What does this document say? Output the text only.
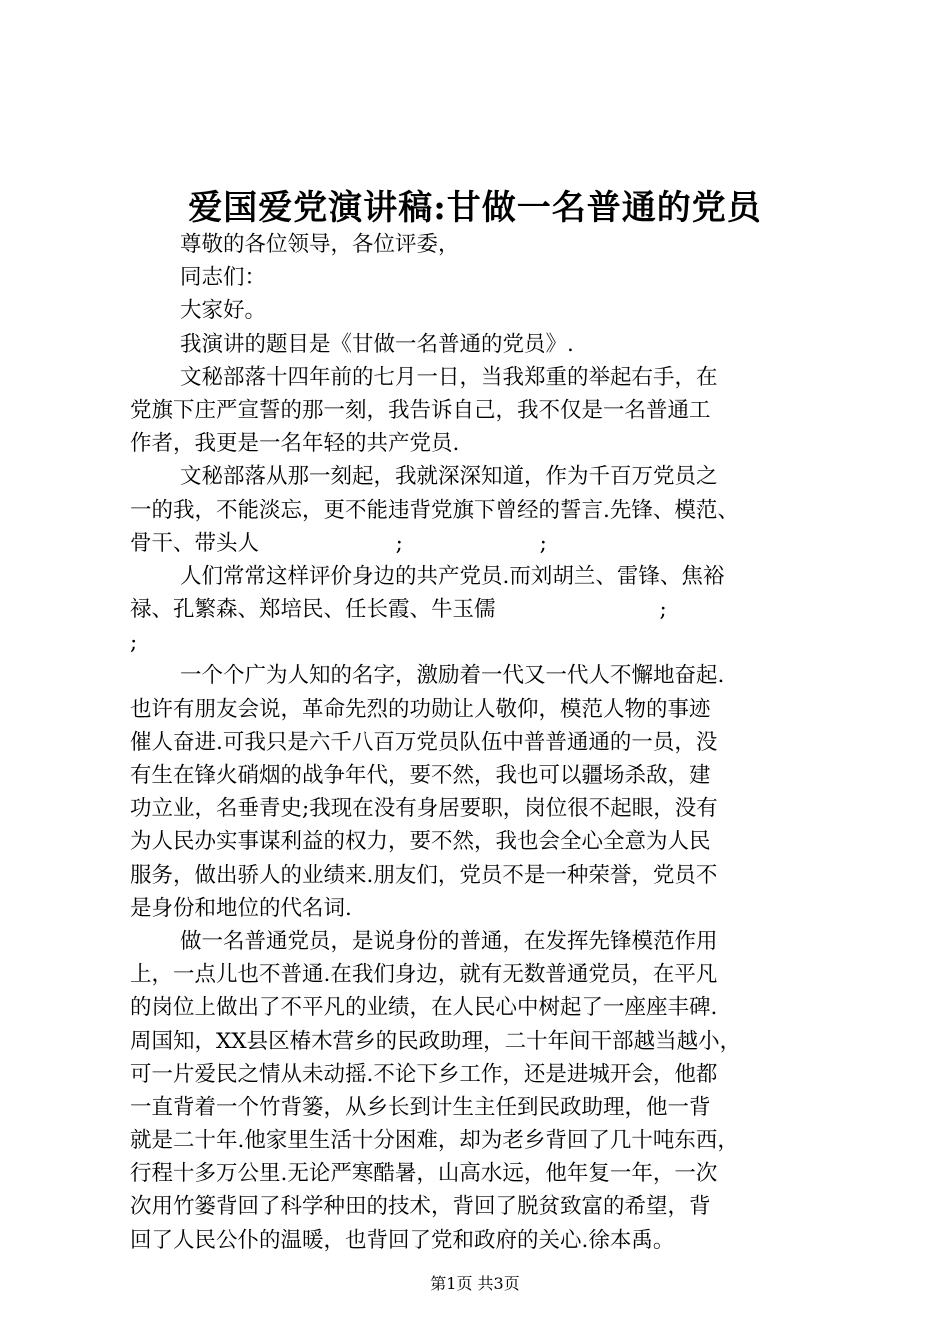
爱国爱党演讲稿:甘做一名普通的党员
尊敬的各位领导，各位评委，
同志们：
大家好。
我演讲的题目是《甘做一名普通的党员》.
文秘部落十四年前的七月一日，当我郑重的举起右手，在
党旗下庄严宣誓的那一刻，我告诉自己，我不仅是一名普通工
作者，我更是一名年轻的共产党员.
文秘部落从那一刻起，我就深深知道，作为千百万党员之
一的我，不能淡忘，更不能违背党旗下曾经的誓言.先锋、模范、
骨干、带头人                    ;                    ;
人们常常这样评价身边的共产党员.而刘胡兰、雷锋、焦裕
禄、孔繁森、郑培民、任长霞、牛玉儒                        ;
;
一个个广为人知的名字，激励着一代又一代人不懈地奋起.
也许有朋友会说，革命先烈的功勋让人敬仰，模范人物的事迹
催人奋进.可我只是六千八百万党员队伍中普普通通的一员，没
有生在锋火硝烟的战争年代，要不然，我也可以疆场杀敌，建
功立业，名垂青史;我现在没有身居要职，岗位很不起眼，没有
为人民办实事谋利益的权力，要不然，我也会全心全意为人民
服务，做出骄人的业绩来.朋友们，党员不是一种荣誉，党员不
是身份和地位的代名词.
做一名普通党员，是说身份的普通，在发挥先锋模范作用
上，一点儿也不普通.在我们身边，就有无数普通党员，在平凡
的岗位上做出了不平凡的业绩，在人民心中树起了一座座丰碑.
周国知，XX县区椿木营乡的民政助理，二十年间干部越当越小，
可一片爱民之情从未动摇.不论下乡工作，还是进城开会，他都
一直背着一个竹背篓，从乡长到计生主任到民政助理，他一背
就是二十年.他家里生活十分困难，却为老乡背回了几十吨东西，
行程十多万公里.无论严寒酷暑，山高水远，他年复一年，一次
次用竹篓背回了科学种田的技术，背回了脱贫致富的希望，背
回了人民公仆的温暖，也背回了党和政府的关心.徐本禹。
第1页 共3页
